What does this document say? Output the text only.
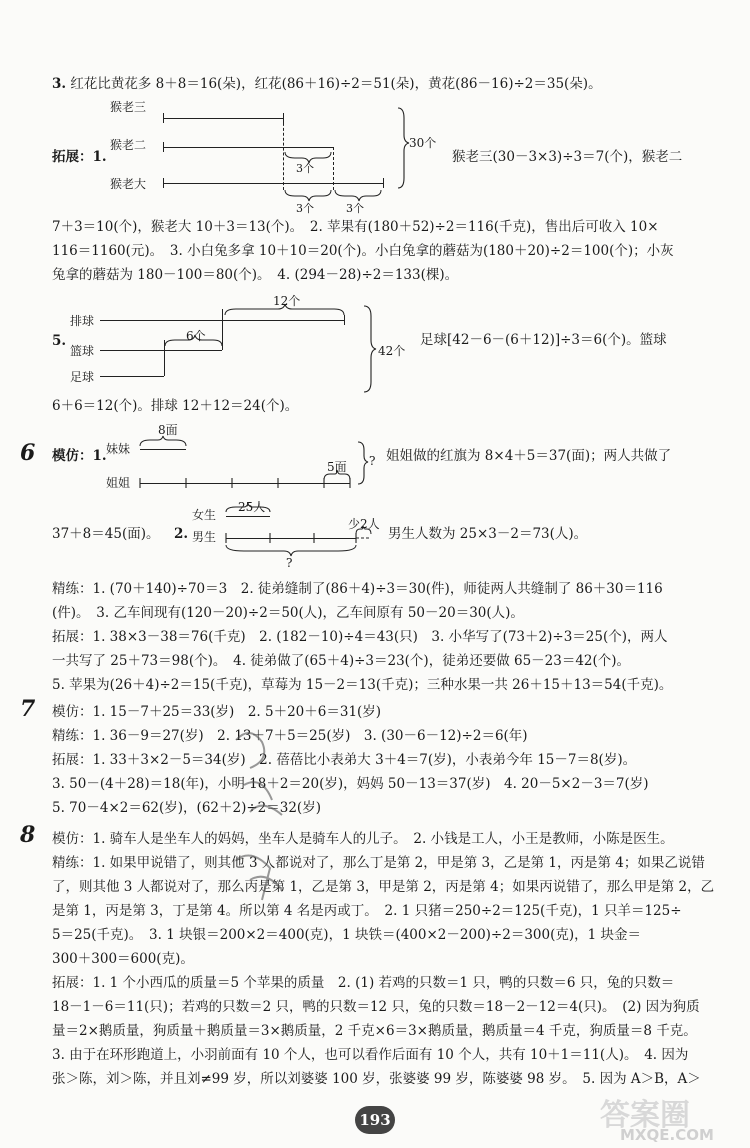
3. 红花比黄花多 8＋8＝16(朵)，红花(86＋16)÷2＝51(朵)，黄花(86－16)÷2＝35(朵)。
猴老三
猴老二
猴老大
3个
3个	3个
30个
拓展：1.	猴老三(30－3×3)÷3＝7(个)，猴老二
7＋3＝10(个)，猴老大 10＋3＝13(个)。　2. 苹果有(180＋52)÷2＝116(千克)，售出后可收入 10×
116＝1160(元)。　3. 小白兔多拿 10＋10＝20(个)。小白兔拿的蘑菇为(180＋20)÷2＝100(个)；小灰
兔拿的蘑菇为 180－100＝80(个)。　4. (294－28)÷2＝133(棵)。
12个
6个
42个
排球
篮球
足球
5.	足球[42－6－(6＋12)]÷3＝6(个)。篮球
6＋6＝12(个)。排球 12＋12＝24(个)。
6 模仿：1.
8面
妹妹
姐姐
5面 ? 姐姐做的红旗为 8×4＋5＝37(面)；两人共做了
37＋8＝45(面)。
25人
女生
男生
2.
少2人
?
男生人数为 25×3－2＝73(人)。
精练：1. (70＋140)÷70＝3　2. 徒弟缝制了(86＋4)÷3＝30(件)，师徒两人共缝制了 86＋30＝116
(件)。　3. 乙车间现有(120－20)÷2＝50(人)，乙车间原有 50－20＝30(人)。
拓展：1. 38×3－38＝76(千克)　2. (182－10)÷4＝43(只)　3. 小华写了(73＋2)÷3＝25(个)，两人
一共写了 25＋73＝98(个)。　4. 徒弟做了(65＋4)÷3＝23(个)，徒弟还要做 65－23＝42(个)。
5. 苹果为(26＋4)÷2＝15(千克)，草莓为 15－2＝13(千克)；三种水果一共 26＋15＋13＝54(千克)。
7 模仿：1. 15－7＋25＝33(岁)　2. 5＋20＋6＝31(岁)
精练：1. 36－9＝27(岁)　2. 13＋7＋5＝25(岁)　3. (30－6－12)÷2＝6(年)
拓展：1. 33＋3×2－5＝34(岁)　2. 蓓蓓比小表弟大 3＋4＝7(岁)，小表弟今年 15－7＝8(岁)。
3. 50－(4＋28)＝18(年)，小明 18＋2＝20(岁)，妈妈 50－13＝37(岁)　4. 20－5×2－3＝7(岁)
5. 70－4×2＝62(岁)，(62＋2)÷2＝32(岁)
8 模仿：1. 骑车人是坐车人的妈妈，坐车人是骑车人的儿子。　2. 小钱是工人，小王是教师，小陈是医生。
精练：1. 如果甲说错了，则其他 3 人都说对了，那么丁是第 2，甲是第 3，乙是第 1，丙是第 4；如果乙说错
了，则其他 3 人都说对了，那么丙是第 1，乙是第 3，甲是第 2，丙是第 4；如果丙说错了，那么甲是第 2，乙
是第 1，丙是第 3，丁是第 4。所以第 4 名是丙或丁。　2. 1 只猪＝250÷2＝125(千克)，1 只羊＝125÷
5＝25(千克)。　3. 1 块银＝200×2＝400(克)，1 块铁＝(400×2－200)÷2＝300(克)，1 块金＝
300＋300＝600(克)。
拓展：1. 1 个小西瓜的质量＝5 个苹果的质量　2. (1) 若鸡的只数＝1 只，鸭的只数＝6 只，兔的只数＝
18－1－6＝11(只)；若鸡的只数＝2 只，鸭的只数＝12 只，兔的只数＝18－2－12＝4(只)。　(2) 因为狗质
量＝2×鹅质量，狗质量＋鹅质量＝3×鹅质量，2 千克×6＝3×鹅质量，鹅质量＝4 千克，狗质量＝8 千克。
3. 由于在环形跑道上，小羽前面有 10 个人，也可以看作后面有 10 个人，共有 10＋1＝11(人)。　4. 因为
张＞陈，刘＞陈，并且刘≠99 岁，所以刘婆婆 100 岁，张婆婆 99 岁，陈婆婆 98 岁。　5. 因为 A＞B，A＞
193	答案圈
MXQE.COM
